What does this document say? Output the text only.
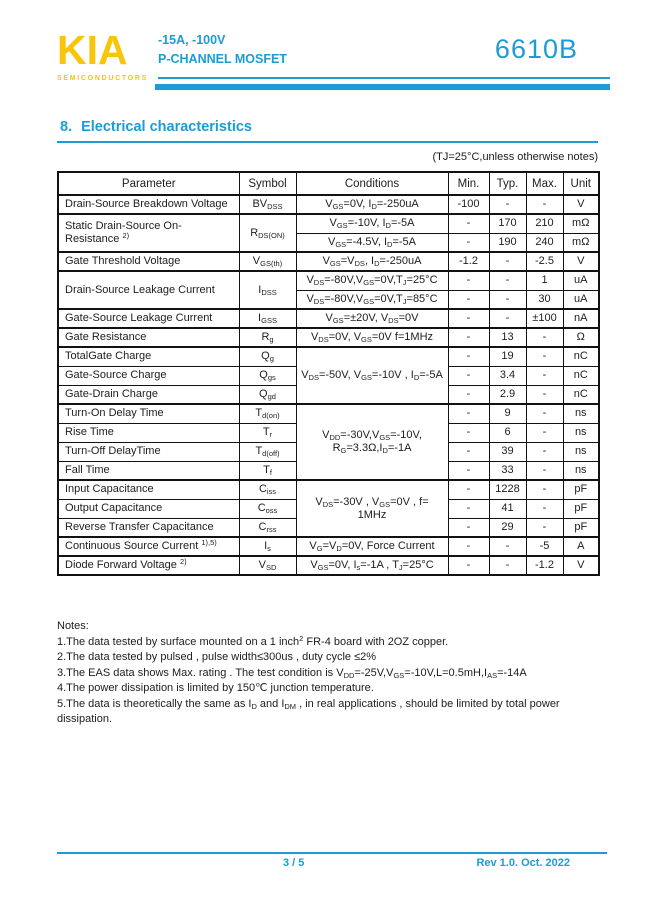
KIA
SEMICONDUCTORS
-15A, -100V
P-CHANNEL MOSFET	6610B
8. Electrical characteristics
(TJ=25°C,unless otherwise notes)
Parameter	Symbol	Conditions	Min.	Typ.	Max.	Unit
Drain-Source Breakdown Voltage	$BV_{DSS}$	$V_{GS}=0V$, $I_D=-250uA$	-100	-	-	V
Static Drain-Source On-Resistance $^{2)}$	$R_{DS(ON)}$	$V_{GS}=-10V$, $I_D=-5A$	-	170	210	mΩ
		$V_{GS}=-4.5V$, $I_D=-5A$	-	190	240	mΩ
Gate Threshold Voltage	$V_{GS(th)}$	$V_{GS}=V_{DS}$, $I_D=-250uA$	-1.2	-	-2.5	V
Drain-Source Leakage Current	$I_{DSS}$	$V_{DS}=-80V,V_{GS}=0V,T_J=25^\circ C$	-	-	1	uA
		$V_{DS}=-80V,V_{GS}=0V,T_J=85^\circ C$	-	-	30	uA
Gate-Source Leakage Current	$I_{GSS}$	$V_{GS}=\pm 20V$, $V_{DS}=0V$	-	-	±100	nA
Gate Resistance	$R_g$	$V_{DS}=0V$, $V_{GS}=0V$ f=1MHz	-	13	-	Ω
TotalGate Charge	$Q_g$	$V_{DS}=-50V$, $V_{GS}=-10V$ , $I_D=-5A$	-	19	-	nC
Gate-Source Charge	$Q_{gs}$		-	3.4	-	nC
Gate-Drain Charge	$Q_{gd}$		-	2.9	-	nC
Turn-On Delay Time	$T_{d(on)}$	$V_{DD}=-30V,V_{GS}=-10V$, $R_G=3.3\Omega,I_D=-1A$	-	9	-	ns
Rise Time	$T_r$		-	6	-	ns
Turn-Off DelayTime	$T_{d(off)}$		-	39	-	ns
Fall Time	$T_f$		-	33	-	ns
Input Capacitance	$C_{iss}$	$V_{DS}=-30V$ , $V_{GS}=0V$ , f= 1MHz	-	1228	-	pF
Output Capacitance	$C_{oss}$		-	41	-	pF
Reverse Transfer Capacitance	$C_{rss}$		-	29	-	pF
Continuous Source Current $^{1),5)}$	$I_s$	$V_G=V_D=0V$, Force Current	-	-	-5	A
Diode Forward Voltage $^{2)}$	$V_{SD}$	$V_{GS}=0V$, $I_s=-1A$ , $T_J=25^\circ C$	-	-	-1.2	V
Notes:
1.The data tested by surface mounted on a 1 inch$^2$ FR-4 board with 2OZ copper.
2.The data tested by pulsed , pulse width≤300us , duty cycle ≤2%
3.The EAS data shows Max. rating . The test condition is $V_{DD}=-25V,V_{GS}=-10V,L=0.5mH,I_{AS}=-14A$
4.The power dissipation is limited by 150℃ junction temperature.
5.The data is theoretically the same as $I_D$ and $I_{DM}$ , in real applications , should be limited by total power dissipation.
3 / 5	Rev 1.0. Oct. 2022
